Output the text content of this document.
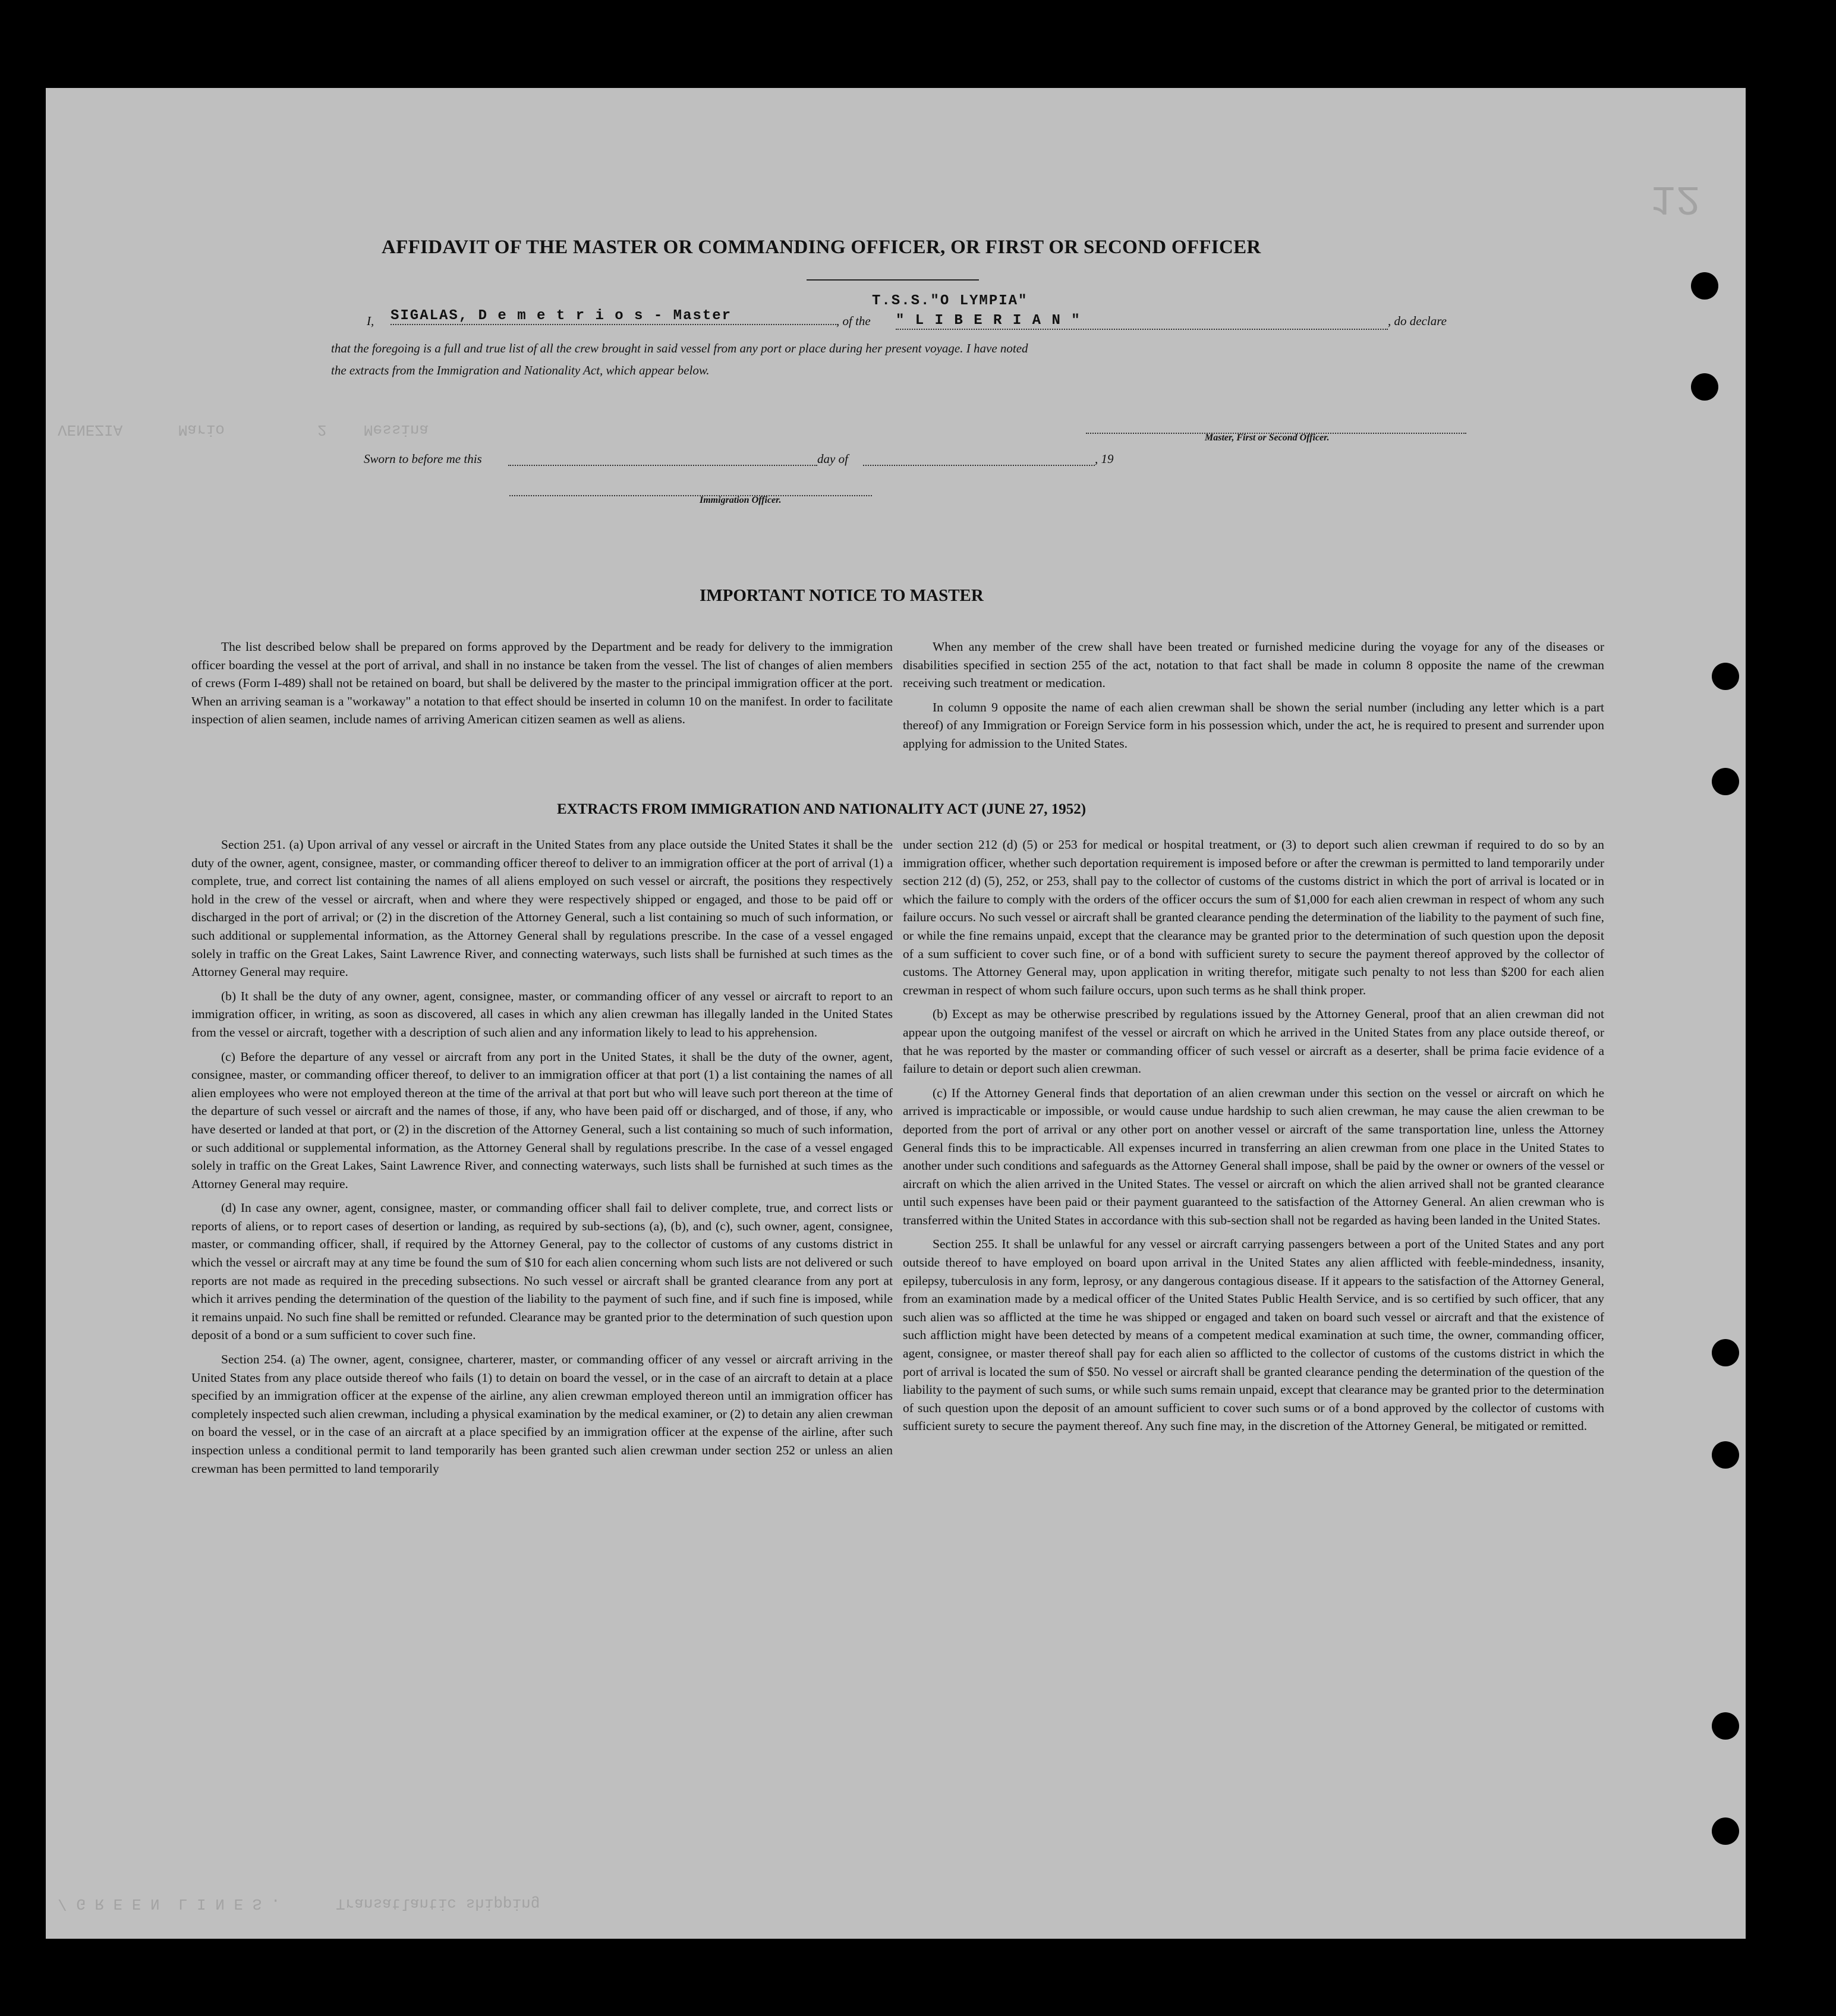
VENEZIA      Mario          2    Messina
/ G R E E N  L I N E S .      Transatlantic shipping
12
AFFIDAVIT OF THE MASTER OR COMMANDING OFFICER, OR FIRST OR SECOND OFFICER
T.S.S."O LYMPIA"
I, SIGALAS, D e m e t r i o s - Master	, of the " L I B E R I A N "	, do declare
that the foregoing is a full and true list of all the crew brought in said vessel from any port or place during her present voyage. I have noted
the extracts from the Immigration and Nationality Act, which appear below.
Master, First or Second Officer.
Sworn to before me this	day of	, 19
Immigration Officer.
IMPORTANT NOTICE TO MASTER

The list described below shall be prepared on forms approved by the Department and be ready for delivery to the immigration officer boarding the vessel at the port of arrival, and shall in no instance be taken from the vessel. The list of changes of alien members of crews (Form I-489) shall not be retained on board, but shall be delivered by the master to the principal immigration officer at the port. When an arriving seaman is a "workaway" a notation to that effect should be inserted in column 10 on the manifest. In order to facilitate inspection of alien seamen, include names of arriving American citizen seamen as well as aliens.

When any member of the crew shall have been treated or furnished medicine during the voyage for any of the diseases or disabilities specified in section 255 of the act, notation to that fact shall be made in column 8 opposite the name of the crewman receiving such treatment or medication.

In column 9 opposite the name of each alien crewman shall be shown the serial number (including any letter which is a part thereof) of any Immigration or Foreign Service form in his possession which, under the act, he is required to present and surrender upon applying for admission to the United States.

EXTRACTS FROM IMMIGRATION AND NATIONALITY ACT (JUNE 27, 1952)

Section 251. (a) Upon arrival of any vessel or aircraft in the United States from any place outside the United States it shall be the duty of the owner, agent, consignee, master, or commanding officer thereof to deliver to an immigration officer at the port of arrival (1) a complete, true, and correct list containing the names of all aliens employed on such vessel or aircraft, the positions they respectively hold in the crew of the vessel or aircraft, when and where they were respectively shipped or engaged, and those to be paid off or discharged in the port of arrival; or (2) in the discretion of the Attorney General, such a list containing so much of such information, or such additional or supplemental information, as the Attorney General shall by regulations prescribe. In the case of a vessel engaged solely in traffic on the Great Lakes, Saint Lawrence River, and connecting waterways, such lists shall be furnished at such times as the Attorney General may require.

(b) It shall be the duty of any owner, agent, consignee, master, or commanding officer of any vessel or aircraft to report to an immigration officer, in writing, as soon as discovered, all cases in which any alien crewman has illegally landed in the United States from the vessel or aircraft, together with a description of such alien and any information likely to lead to his apprehension.

(c) Before the departure of any vessel or aircraft from any port in the United States, it shall be the duty of the owner, agent, consignee, master, or commanding officer thereof, to deliver to an immigration officer at that port (1) a list containing the names of all alien employees who were not employed thereon at the time of the arrival at that port but who will leave such port thereon at the time of the departure of such vessel or aircraft and the names of those, if any, who have been paid off or discharged, and of those, if any, who have deserted or landed at that port, or (2) in the discretion of the Attorney General, such a list containing so much of such information, or such additional or supplemental information, as the Attorney General shall by regulations prescribe. In the case of a vessel engaged solely in traffic on the Great Lakes, Saint Lawrence River, and connecting waterways, such lists shall be furnished at such times as the Attorney General may require.

(d) In case any owner, agent, consignee, master, or commanding officer shall fail to deliver complete, true, and correct lists or reports of aliens, or to report cases of desertion or landing, as required by sub-sections (a), (b), and (c), such owner, agent, consignee, master, or commanding officer, shall, if required by the Attorney General, pay to the collector of customs of any customs district in which the vessel or aircraft may at any time be found the sum of $10 for each alien concerning whom such lists are not delivered or such reports are not made as required in the preceding subsections. No such vessel or aircraft shall be granted clearance from any port at which it arrives pending the determination of the question of the liability to the payment of such fine, and if such fine is imposed, while it remains unpaid. No such fine shall be remitted or refunded. Clearance may be granted prior to the determination of such question upon deposit of a bond or a sum sufficient to cover such fine.

Section 254. (a) The owner, agent, consignee, charterer, master, or commanding officer of any vessel or aircraft arriving in the United States from any place outside thereof who fails (1) to detain on board the vessel, or in the case of an aircraft to detain at a place specified by an immigration officer at the expense of the airline, any alien crewman employed thereon until an immigration officer has completely inspected such alien crewman, including a physical examination by the medical examiner, or (2) to detain any alien crewman on board the vessel, or in the case of an aircraft at a place specified by an immigration officer at the expense of the airline, after such inspection unless a conditional permit to land temporarily has been granted such alien crewman under section 252 or unless an alien crewman has been permitted to land temporarily

under section 212 (d) (5) or 253 for medical or hospital treatment, or (3) to deport such alien crewman if required to do so by an immigration officer, whether such deportation requirement is imposed before or after the crewman is permitted to land temporarily under section 212 (d) (5), 252, or 253, shall pay to the collector of customs of the customs district in which the port of arrival is located or in which the failure to comply with the orders of the officer occurs the sum of $1,000 for each alien crewman in respect of whom any such failure occurs. No such vessel or aircraft shall be granted clearance pending the determination of the liability to the payment of such fine, or while the fine remains unpaid, except that the clearance may be granted prior to the determination of such question upon the deposit of a sum sufficient to cover such fine, or of a bond with sufficient surety to secure the payment thereof approved by the collector of customs. The Attorney General may, upon application in writing therefor, mitigate such penalty to not less than $200 for each alien crewman in respect of whom such failure occurs, upon such terms as he shall think proper.

(b) Except as may be otherwise prescribed by regulations issued by the Attorney General, proof that an alien crewman did not appear upon the outgoing manifest of the vessel or aircraft on which he arrived in the United States from any place outside thereof, or that he was reported by the master or commanding officer of such vessel or aircraft as a deserter, shall be prima facie evidence of a failure to detain or deport such alien crewman.

(c) If the Attorney General finds that deportation of an alien crewman under this section on the vessel or aircraft on which he arrived is impracticable or impossible, or would cause undue hardship to such alien crewman, he may cause the alien crewman to be deported from the port of arrival or any other port on another vessel or aircraft of the same transportation line, unless the Attorney General finds this to be impracticable. All expenses incurred in transferring an alien crewman from one place in the United States to another under such conditions and safeguards as the Attorney General shall impose, shall be paid by the owner or owners of the vessel or aircraft on which the alien arrived in the United States. The vessel or aircraft on which the alien arrived shall not be granted clearance until such expenses have been paid or their payment guaranteed to the satisfaction of the Attorney General. An alien crewman who is transferred within the United States in accordance with this sub-section shall not be regarded as having been landed in the United States.

Section 255. It shall be unlawful for any vessel or aircraft carrying passengers between a port of the United States and any port outside thereof to have employed on board upon arrival in the United States any alien afflicted with feeble-mindedness, insanity, epilepsy, tuberculosis in any form, leprosy, or any dangerous contagious disease. If it appears to the satisfaction of the Attorney General, from an examination made by a medical officer of the United States Public Health Service, and is so certified by such officer, that any such alien was so afflicted at the time he was shipped or engaged and taken on board such vessel or aircraft and that the existence of such affliction might have been detected by means of a competent medical examination at such time, the owner, commanding officer, agent, consignee, or master thereof shall pay for each alien so afflicted to the collector of customs of the customs district in which the port of arrival is located the sum of $50. No vessel or aircraft shall be granted clearance pending the determination of the question of the liability to the payment of such sums, or while such sums remain unpaid, except that clearance may be granted prior to the determination of such question upon the deposit of an amount sufficient to cover such sums or of a bond approved by the collector of customs with sufficient surety to secure the payment thereof. Any such fine may, in the discretion of the Attorney General, be mitigated or remitted.
